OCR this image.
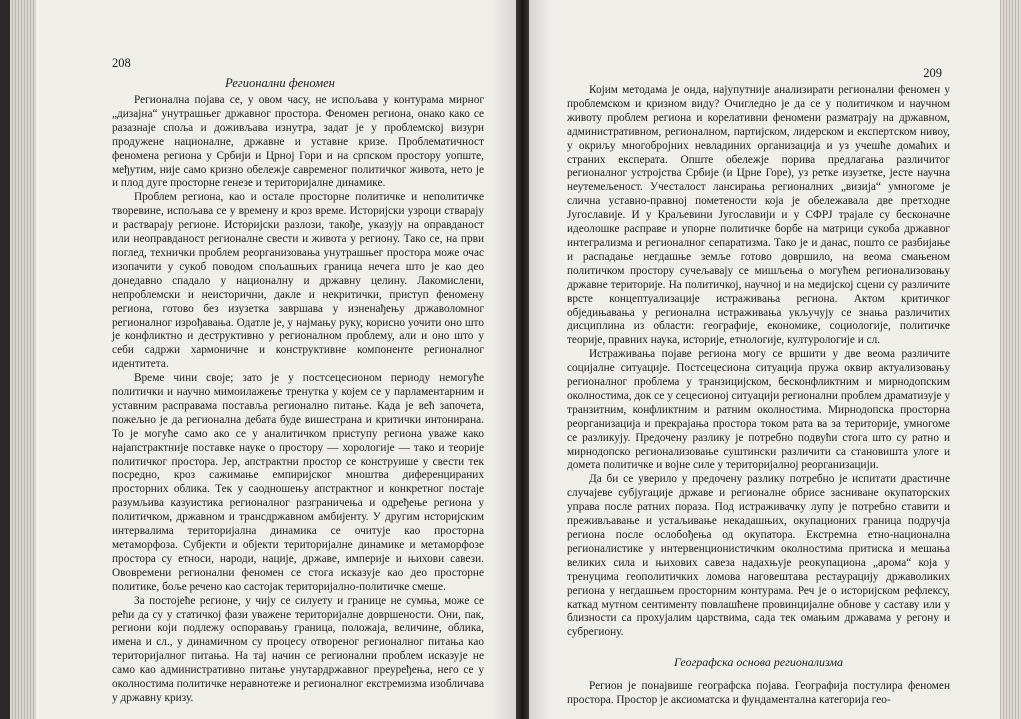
208
Регионални феномен

Регионална појава се, у овом часу, не испољава у контурама мирног „дизајна“ унутрашњег државног простора. Феномен региона, онако како се разазнаје споља и доживљава изнутра, задат је у проблемској визури продужене националне, државне и уставне кризе. Проблематичност феномена региона у Србији и Црној Гори и на српском простору уопште, међутим, није само кризно обележје савременог политичког живота, нето је и плод дуге просторне генезе и територијалне динамике.

Проблем региона, као и остале просторне политичке и неполитичке творевине, испољава се у времену и кроз време. Историјски узроци стварају и раствараjу регионе. Историјски разлози, такође, указују на оправданост или неоправданост регионалне свести и живота у региону. Тако се, на први поглед, технички проблем реорганизовања унутрашњег простора може очас изопачити у сукоб поводом спољашњих граница нечега што је као део донедавно спадало у националну и државну целину. Лакомислени, непроблемски и неисторични, дакле и некритички, приступ феномену региона, готово без изузетка завршава у изненађењу државоломног регионалног изрођавања. Одатле је, у најмању руку, корисно уочити оно што је конфликтно и деструктивно у регионалном проблему, али и оно што у себи садржи хармоничне и конструктивне компоненте регионалног идентитета.

Време чини своје; зато је у постсецесионом периоду немогуће политички и научно мимоилажење тренутка у којем се у парламентарним и уставним расправама поставља регионално питање. Када је већ започета, пожељно је да регионална дебата буде вишестрана и критички интонирана. То је могуће само ако се у аналитичком приступу региона уваже како најапстрактније поставке науке о простору — хорологије — тако и теорије политичког простора. Јер, апстрактни простор се конструише у свести тек посредно, кроз сажимање емпиријског мноштва диференцираних просторних облика. Тек у саодношењу апстрактног и конкретног постаје разумљива казуистика регионалног разграничења и одређење региона у политичком, државном и трансдржавном амбијенту. У другим историјским интервалима територијална динамика се очитује као просторна метаморфоза. Субјекти и објекти територијалне динамике и метаморфозе простора су етноси, народи, нације, државе, империје и њихови савези. Ововремени регионални феномен се стога исказује као део просторне политике, боље речено као састојак територијално-политичке смеше.

За постојеће регионе, у чију се силуету и границе не сумња, може се рећи да су у статичкој фази уважене територијалне довршености. Они, пак, региони који подлежу оспоравању граница, положаја, величине, облика, имена и сл., у динамичном су процесу отвореног регионалног питања као територијалног питања. На тај начин се регионални проблем исказује не само као административно питање унутардржавног преуређења, него се у околностима политичке неравнотеже и регионалног екстремизма изобличава у државну кризу.

209

Којим методама је онда, најупутније анализирати регионални феномен у проблемском и кризном виду? Очигледно је да се у политичком и научном животу проблем региона и корелативни феномени разматрају на државном, административном, регионалном, партијском, лидерском и експертском нивоу, у окриљу многобројних невладиних организација и уз учешће домаћих и страних експерата. Опште обележје порива предлагања различитог регионалног устројства Србије (и Црне Горе), уз ретке изузетке, јесте научна неутемељеност. Учесталост лансирања регионалних „визија“ умногоме је слична уставно-правној пометености која је обележавала две претходне Југославије. И у Краљевини Југославији и у СФРЈ трајале су бесконачне идеолошке расправе и упорне политичке борбе на матрици сукоба државног интегрализма и регионалног сепаратизма. Тако је и данас, пошто се разбијање и распадање негдашње земље готово довршило, на веома смањеном политичком простору сучељавају се мишљења о могућем регионализовању државне територије. На политичкој, научној и на медијској сцени су различите врсте концептуализације истраживања региона. Актом критичког обједињавања у регионална истраживања укључују се знања различитих дисциплина из области: географије, економике, социологије, политичке теорије, правних наука, историје, етнологије, културологије и сл.

Истраживања појаве региона могу се вршити у две веома различите социјалне ситуације. Постсецесиона ситуација пружа оквир актуализовању регионалног проблема у транзицијском, бесконфликтним и мирнодопским околностима, док се у сецесионој ситуацији регионални проблем драматизује у транзитним, конфликтним и ратним околностима. Мирнодопска просторна реорганизација и прекрајања простора током рата ва за територије, умногоме се разликују. Предочену разлику је потребно подвући стога што су ратно и мирнодопско регионализовање суштински различити са становишта улоге и домета политичке и војне силе у територијалној реорганизацији.

Да би се уверило у предочену разлику потребно је испитати драстичне случајеве субјугације државе и регионалне обрисе засниване окупаторских управа после ратних пораза. Под истраживачку лупу је потребно ставити и преживљавање и устаљивање некадашњих, окупационих граница подручја региона после ослобођења од окупатора. Екстремна етно-национална регионалистике у интервенционистичким околностима притиска и мешања великих сила и њихових савеза надахњује реокупациона „арома“ која у тренуцима геополитичких ломова наговештава рестаурацију државоликих региона у негдашњем просторним контурама. Реч је о историјском рефлексу, каткад мутном сентименту повлашћене провинцијалне обнове у саставу или у близности са прохујалим царствима, сада тек омањим државама у регону и субрегиону.

Географска основа регионализма

Регион је понајвише географска појава. Географија постулира феномен простора. Простор је аксиоматска и фундаментална категорија гео-
